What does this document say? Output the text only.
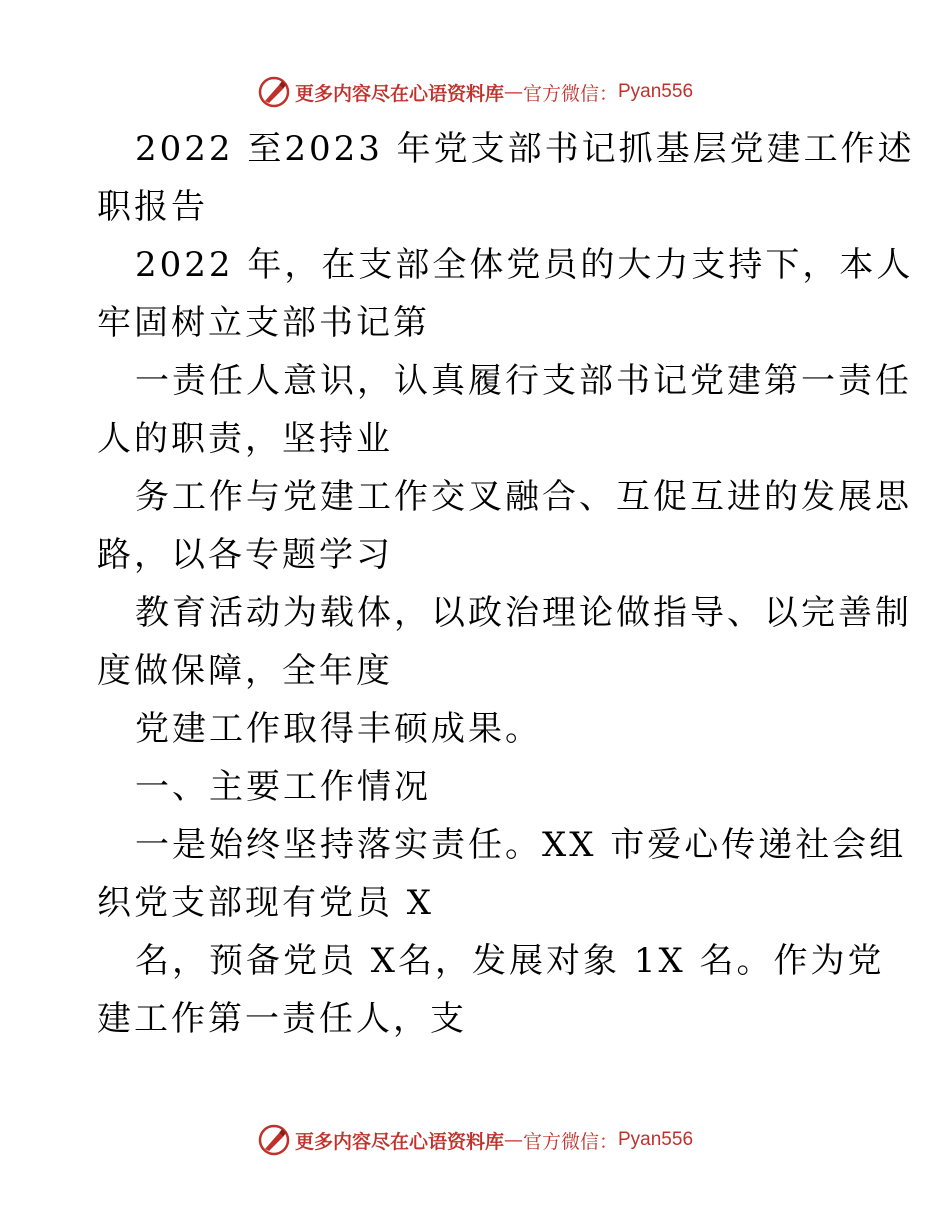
更多内容尽在心语资料库 — 官方微信： Pyan556
2022 至2023 年党支部书记抓基层党建工作述
职报告
2022 年，在支部全体党员的大力支持下，本人
牢固树立支部书记第
一责任人意识，认真履行支部书记党建第一责任
人的职责，坚持业
务工作与党建工作交叉融合、互促互进的发展思
路，以各专题学习
教育活动为载体，以政治理论做指导、以完善制
度做保障，全年度
党建工作取得丰硕成果。
一、主要工作情况
一是始终坚持落实责任。XX 市爱心传递社会组
织党支部现有党员 X
名，预备党员 X名，发展对象 1X 名。作为党
建工作第一责任人，支
更多内容尽在心语资料库 — 官方微信： Pyan556
